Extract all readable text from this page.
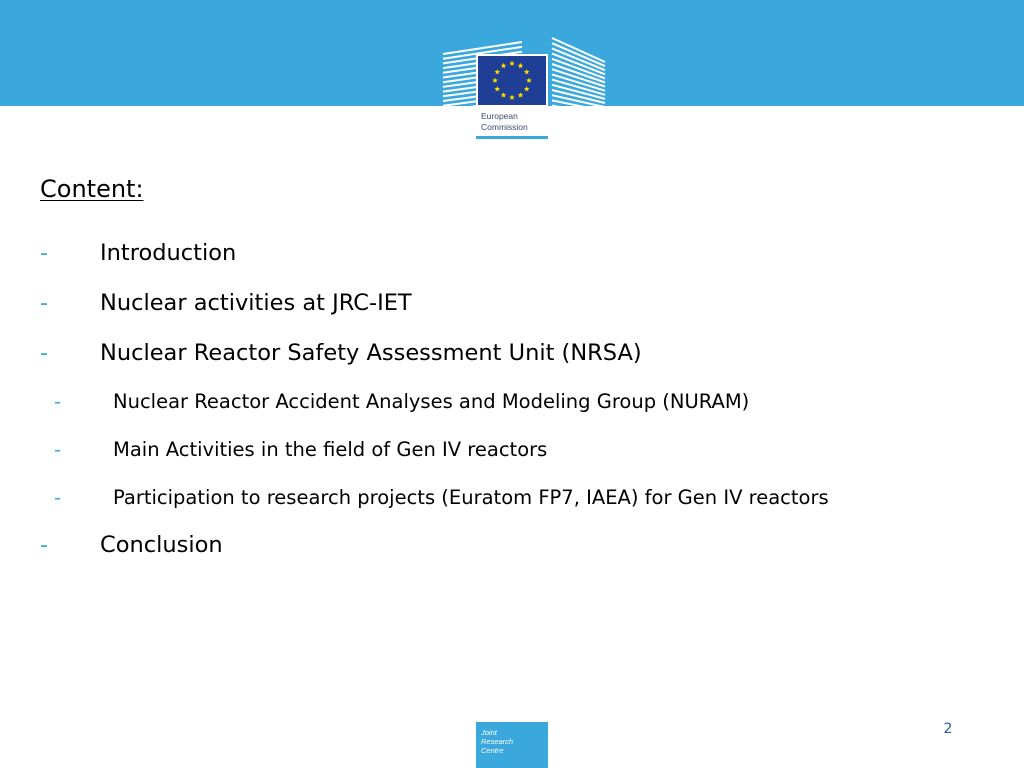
European
Commission
Content:
- Introduction
- Nuclear activities at JRC-IET
- Nuclear Reactor Safety Assessment Unit (NRSA)
-	Nuclear Reactor Accident Analyses and Modeling Group (NURAM)
-	Main Activities in the field of Gen IV reactors
-	Participation to research projects (Euratom FP7, IAEA) for Gen IV reactors
- Conclusion
Joint
Research
Centre
2
